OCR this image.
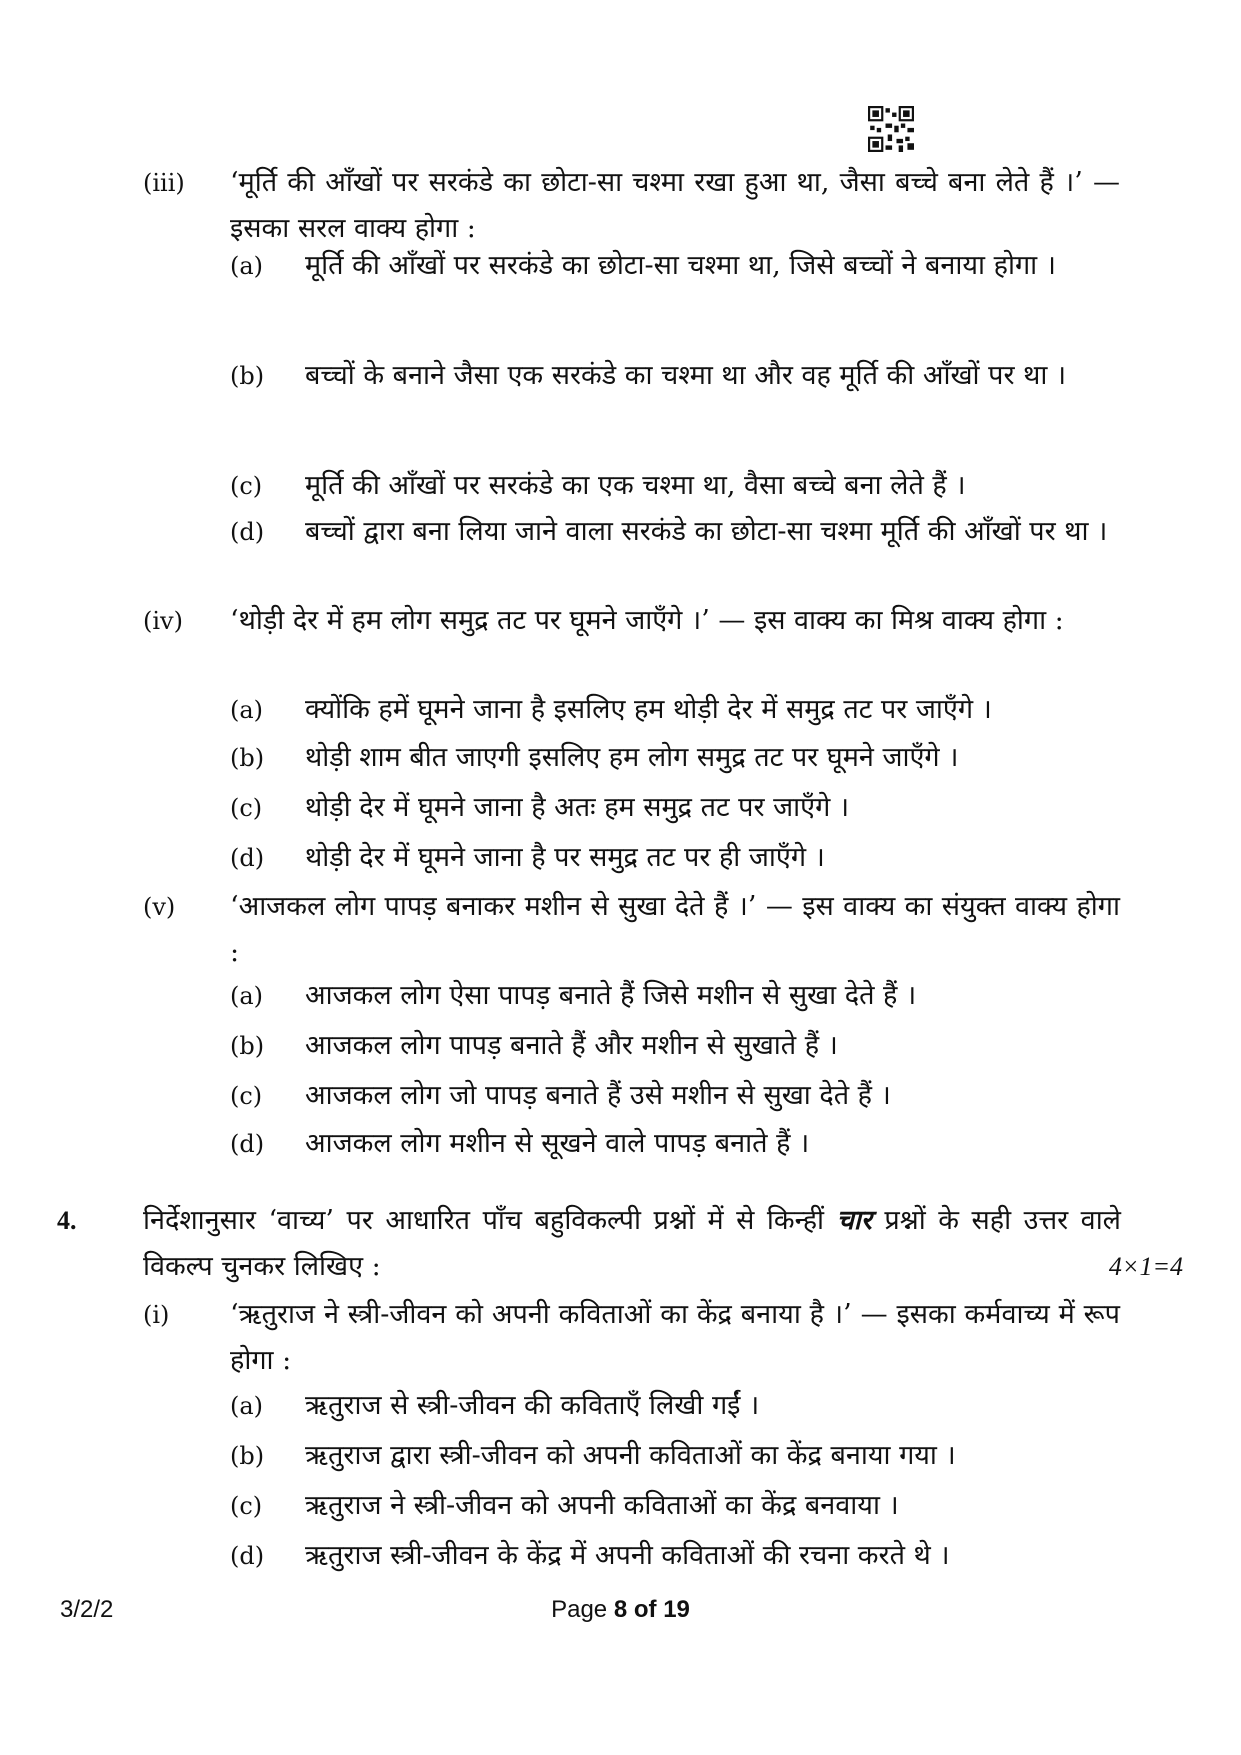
(iii) ‘मूर्ति की आँखों पर सरकंडे का छोटा-सा चश्मा रखा हुआ था, जैसा बच्चे बना लेते हैं ।’ — इसका सरल वाक्य होगा :
(a) मूर्ति की आँखों पर सरकंडे का छोटा-सा चश्मा था, जिसे बच्चों ने बनाया होगा ।
(b) बच्चों के बनाने जैसा एक सरकंडे का चश्मा था और वह मूर्ति की आँखों पर था ।
(c) मूर्ति की आँखों पर सरकंडे का एक चश्मा था, वैसा बच्चे बना लेते हैं ।
(d) बच्चों द्वारा बना लिया जाने वाला सरकंडे का छोटा-सा चश्मा मूर्ति की आँखों पर था ।
(iv) ‘थोड़ी देर में हम लोग समुद्र तट पर घूमने जाएँगे ।’ — इस वाक्य का मिश्र वाक्य होगा :
(a) क्योंकि हमें घूमने जाना है इसलिए हम थोड़ी देर में समुद्र तट पर जाएँगे ।
(b) थोड़ी शाम बीत जाएगी इसलिए हम लोग समुद्र तट पर घूमने जाएँगे ।
(c) थोड़ी देर में घूमने जाना है अतः हम समुद्र तट पर जाएँगे ।
(d) थोड़ी देर में घूमने जाना है पर समुद्र तट पर ही जाएँगे ।
(v) ‘आजकल लोग पापड़ बनाकर मशीन से सुखा देते हैं ।’ — इस वाक्य का संयुक्त वाक्य होगा :
(a) आजकल लोग ऐसा पापड़ बनाते हैं जिसे मशीन से सुखा देते हैं ।
(b) आजकल लोग पापड़ बनाते हैं और मशीन से सुखाते हैं ।
(c) आजकल लोग जो पापड़ बनाते हैं उसे मशीन से सुखा देते हैं ।
(d) आजकल लोग मशीन से सूखने वाले पापड़ बनाते हैं ।
4. निर्देशानुसार ‘वाच्य’ पर आधारित पाँच बहुविकल्पी प्रश्नों में से किन्हीं चार प्रश्नों के सही उत्तर वाले विकल्प चुनकर लिखिए :	4×1=4
(i) ‘ऋतुराज ने स्त्री-जीवन को अपनी कविताओं का केंद्र बनाया है ।’ — इसका कर्मवाच्य में रूप होगा :
(a) ऋतुराज से स्त्री-जीवन की कविताएँ लिखी गईं ।
(b) ऋतुराज द्वारा स्त्री-जीवन को अपनी कविताओं का केंद्र बनाया गया ।
(c) ऋतुराज ने स्त्री-जीवन को अपनी कविताओं का केंद्र बनवाया ।
(d) ऋतुराज स्त्री-जीवन के केंद्र में अपनी कविताओं की रचना करते थे ।
3/2/2	Page 8 of 19
